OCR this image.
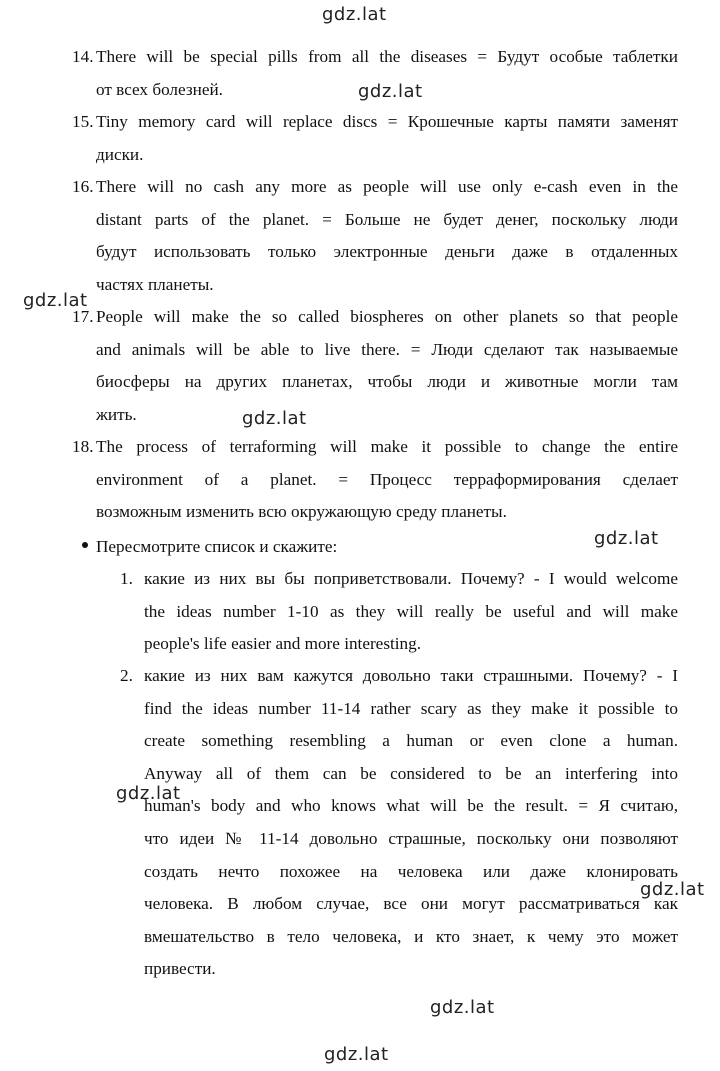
gdz.lat
gdz.lat
gdz.lat
gdz.lat
gdz.lat
gdz.lat
gdz.lat
gdz.lat
gdz.lat
14. There will be special pills from all the diseases = Будут особые таблетки
от всех болезней.
15. Tiny memory card will replace discs = Крошечные карты памяти заменят
диски.
16. There will no cash any more as people will use only e-cash even in the
distant parts of the planet. = Больше не будет денег, поскольку люди
будут использовать только электронные деньги даже в отдаленных
частях планеты.
17. People will make the so called biospheres on other planets so that people
and animals will be able to live there. = Люди сделают так называемые
биосферы на других планетах, чтобы люди и животные могли там
жить.
18. The process of terraforming will make it possible to change the entire
environment of a planet. = Процесс терраформирования сделает
возможным изменить всю окружающую среду планеты.
Пересмотрите список и скажите:
1. какие из них вы бы поприветствовали. Почему? - I would welcome
the ideas number 1-10 as they will really be useful and will make
people's life easier and more interesting.
2. какие из них вам кажутся довольно таки страшными. Почему? - I
find the ideas number 11-14 rather scary as they make it possible to
create something resembling a human or even clone a human.
Anyway all of them can be considered to be an interfering into
human's body and who knows what will be the result. = Я считаю,
что идеи № 11-14 довольно страшные, поскольку они позволяют
создать нечто похожее на человека или даже клонировать
человека. В любом случае, все они могут рассматриваться как
вмешательство в тело человека, и кто знает, к чему это может
привести.
